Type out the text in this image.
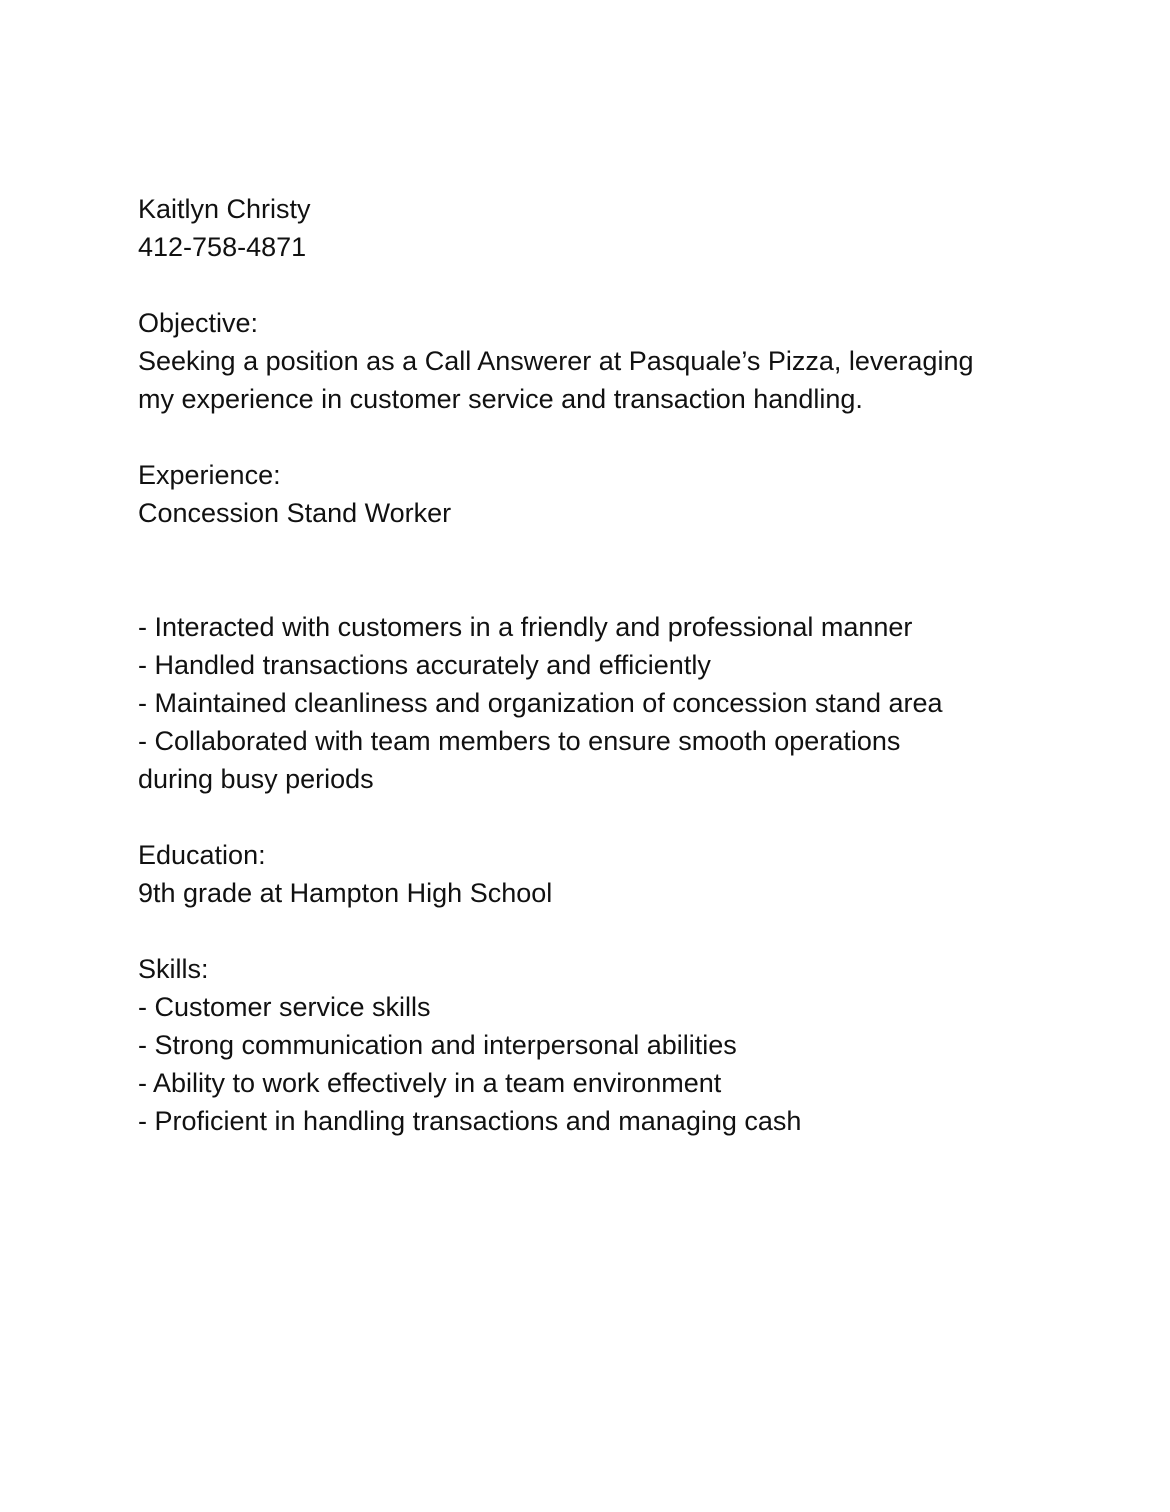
Kaitlyn Christy
412-758-4871
Objective:
Seeking a position as a Call Answerer at Pasquale’s Pizza, leveraging
my experience in customer service and transaction handling.
Experience:
Concession Stand Worker
- Interacted with customers in a friendly and professional manner
- Handled transactions accurately and efficiently
- Maintained cleanliness and organization of concession stand area
- Collaborated with team members to ensure smooth operations
during busy periods
Education:
9th grade at Hampton High School
Skills:
- Customer service skills
- Strong communication and interpersonal abilities
- Ability to work effectively in a team environment
- Proficient in handling transactions and managing cash
